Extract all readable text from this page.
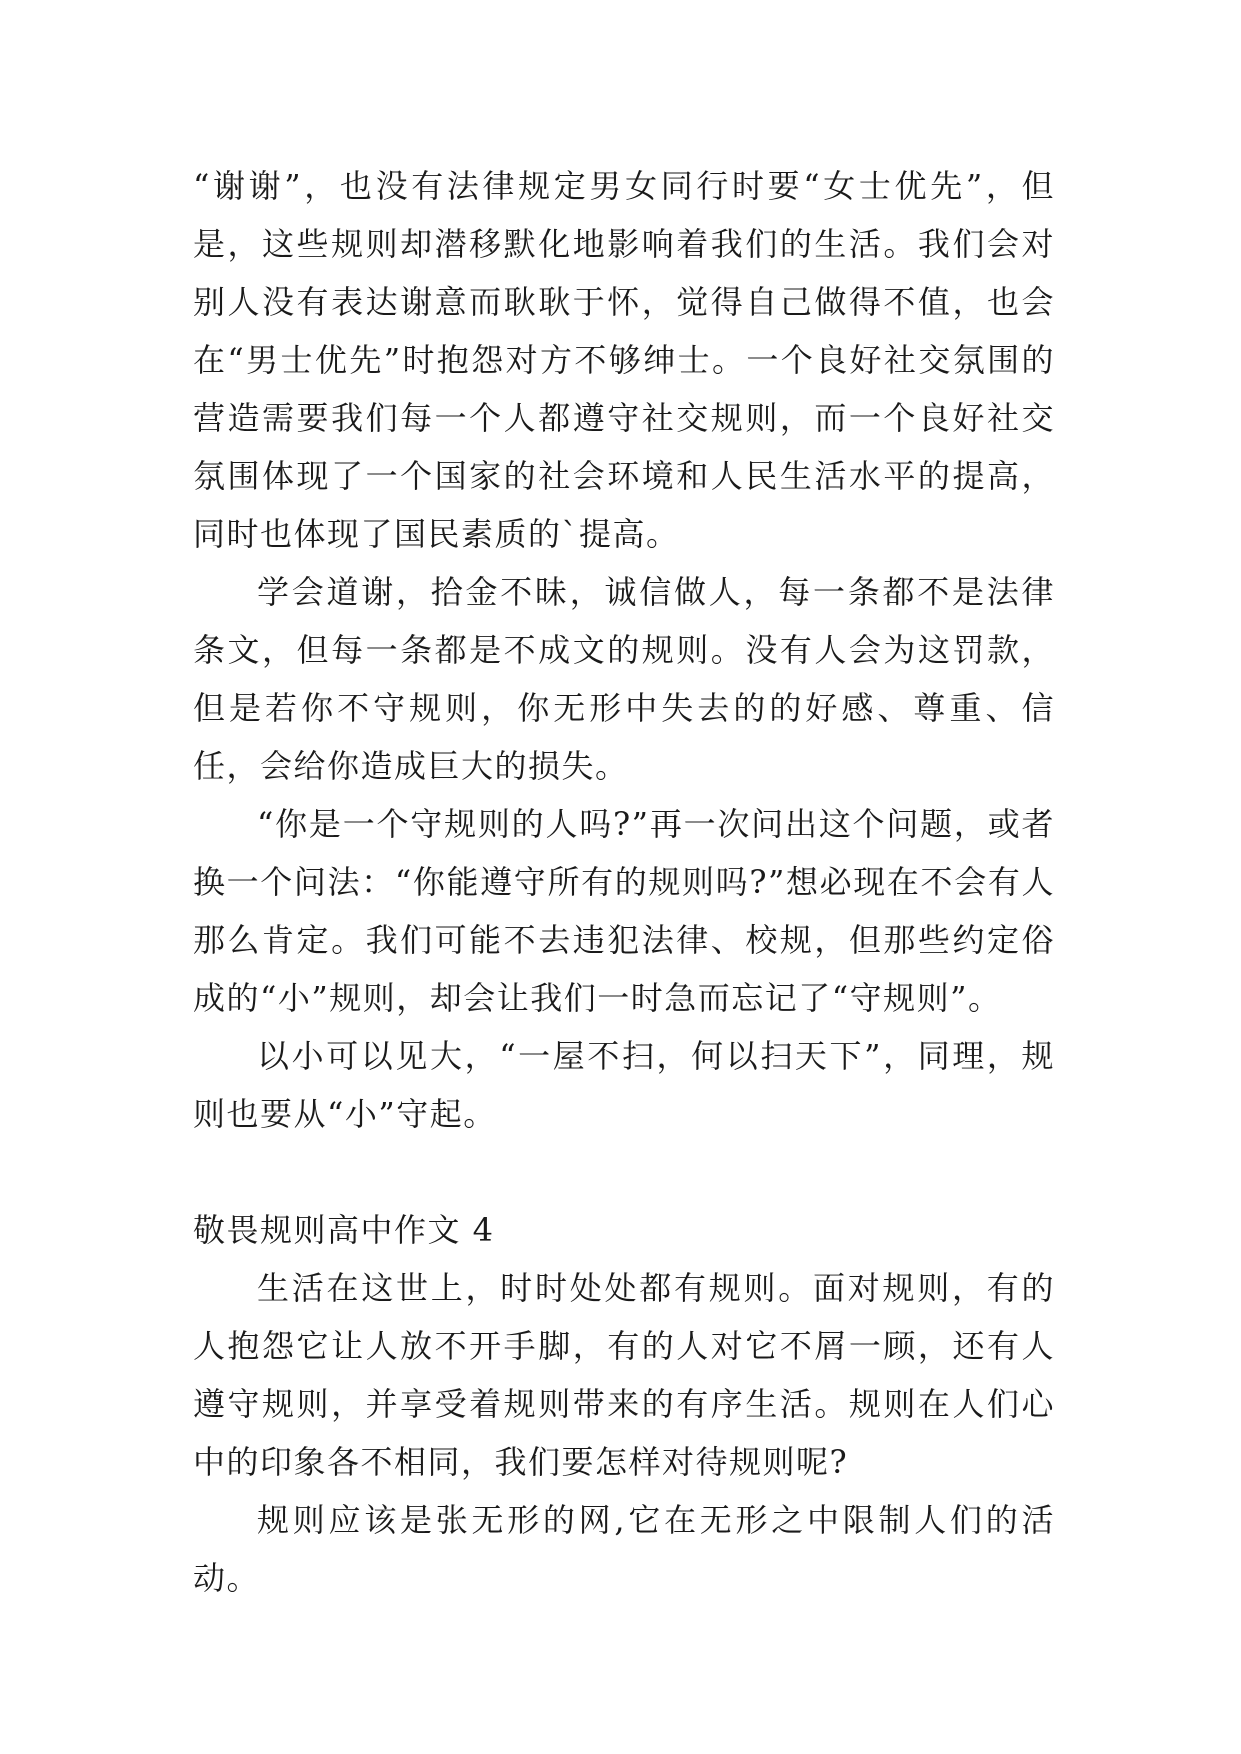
“谢谢”，也没有法律规定男女同行时要“女士优先”，但是，这些规则却潜移默化地影响着我们的生活。我们会对别人没有表达谢意而耿耿于怀，觉得自己做得不值，也会在“男士优先”时抱怨对方不够绅士。一个良好社交氛围的营造需要我们每一个人都遵守社交规则，而一个良好社交氛围体现了一个国家的社会环境和人民生活水平的提高，同时也体现了国民素质的`提高。

学会道谢，拾金不昧，诚信做人，每一条都不是法律条文，但每一条都是不成文的规则。没有人会为这罚款，但是若你不守规则，你无形中失去的的好感、尊重、信任，会给你造成巨大的损失。

“你是一个守规则的人吗?”再一次问出这个问题，或者换一个问法：“你能遵守所有的规则吗?”想必现在不会有人那么肯定。我们可能不去违犯法律、校规，但那些约定俗成的“小”规则，却会让我们一时急而忘记了“守规则”。

以小可以见大，“一屋不扫，何以扫天下”，同理，规则也要从“小”守起。

敬畏规则高中作文 4

生活在这世上，时时处处都有规则。面对规则，有的人抱怨它让人放不开手脚，有的人对它不屑一顾，还有人遵守规则，并享受着规则带来的有序生活。规则在人们心中的印象各不相同，我们要怎样对待规则呢?

规则应该是张无形的网,它在无形之中限制人们的活动。
